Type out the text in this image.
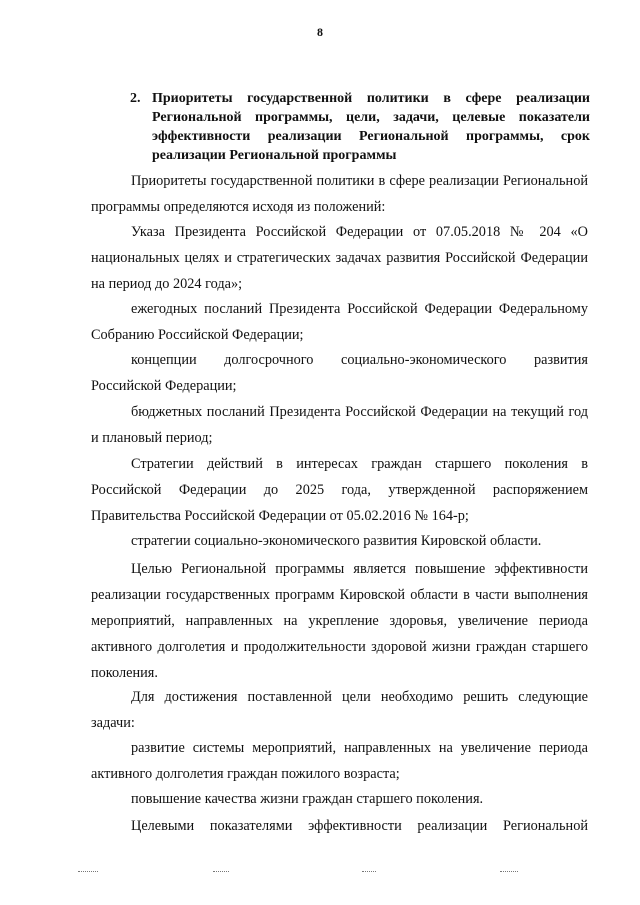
8
2. Приоритеты государственной политики в сфере реализации Региональной программы, цели, задачи, целевые показатели эффективности реализации Региональной программы, срок реализации Региональной программы
Приоритеты государственной политики в сфере реализации Региональной программы определяются исходя из положений:
Указа Президента Российской Федерации от 07.05.2018 № 204 «О национальных целях и стратегических задачах развития Российской Федерации на период до 2024 года»;
ежегодных посланий Президента Российской Федерации Федеральному Собранию Российской Федерации;
концепции долгосрочного социально-экономического развития Российской Федерации;
бюджетных посланий Президента Российской Федерации на текущий год и плановый период;
Стратегии действий в интересах граждан старшего поколения в Российской Федерации до 2025 года, утвержденной распоряжением Правительства Российской Федерации от 05.02.2016 № 164-р;
стратегии социально-экономического развития Кировской области.
Целью Региональной программы является повышение эффективности реализации государственных программ Кировской области в части выполнения мероприятий, направленных на укрепление здоровья, увеличение периода активного долголетия и продолжительности здоровой жизни граждан старшего поколения.
Для достижения поставленной цели необходимо решить следующие задачи:
развитие системы мероприятий, направленных на увеличение периода активного долголетия граждан пожилого возраста;
повышение качества жизни граждан старшего поколения.
Целевыми показателями эффективности реализации Региональной
